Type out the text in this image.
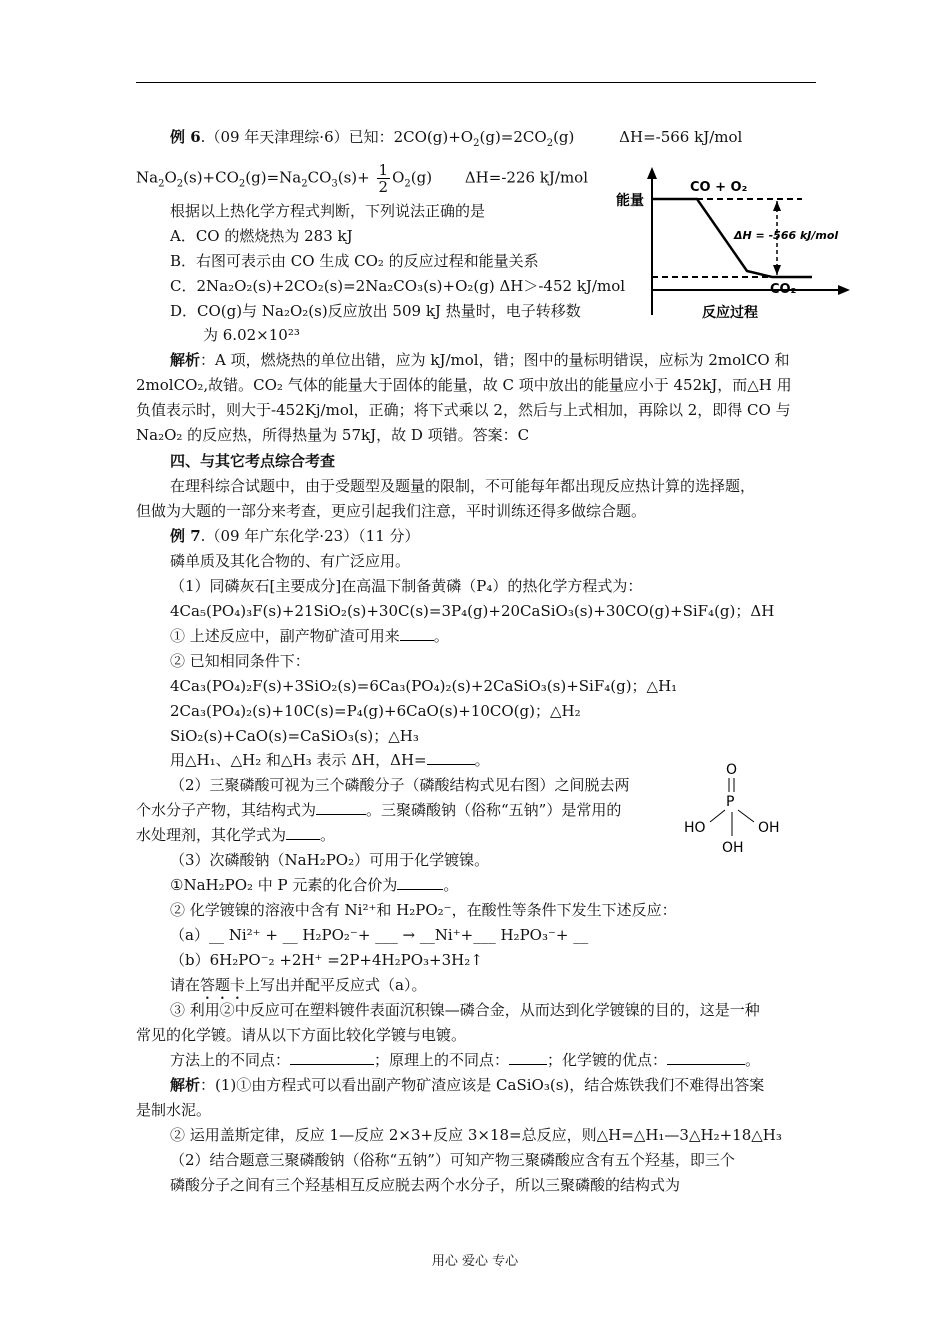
例 6.（09 年天津理综·6）已知：$2CO(g)+O_2(g)=2CO_2(g)$	ΔH=-566 kJ/mol
$Na_2O_2(s)+CO_2(g)=Na_2CO_3(s)+ \frac{1}{2} O_2(g)$ ΔH=-226 kJ/mol
根据以上热化学方程式判断，下列说法正确的是
A．CO 的燃烧热为 283 kJ
B．右图可表示由 CO 生成 CO₂ 的反应过程和能量关系
C．2Na₂O₂(s)+2CO₂(s)=2Na₂CO₃(s)+O₂(g) ΔH＞-452 kJ/mol
D．CO(g)与 Na₂O₂(s)反应放出 509 kJ 热量时，电子转移数
为 6.02×10²³
能量
CO + O₂
ΔH = -566 kJ/mol
CO₂
反应过程
解析：A 项，燃烧热的单位出错，应为 kJ/mol，错；图中的量标明错误，应标为 2molCO 和
2molCO₂,故错。CO₂ 气体的能量大于固体的能量，故 C 项中放出的能量应小于 452kJ，而△H 用
负值表示时，则大于-452Kj/mol，正确；将下式乘以 2，然后与上式相加，再除以 2，即得 CO 与
Na₂O₂ 的反应热，所得热量为 57kJ，故 D 项错。答案：C
四、与其它考点综合考查
在理科综合试题中，由于受题型及题量的限制，不可能每年都出现反应热计算的选择题，
但做为大题的一部分来考查，更应引起我们注意，平时训练还得多做综合题。
例 7.（09 年广东化学·23）（11 分）
磷单质及其化合物的、有广泛应用。
（1）同磷灰石[主要成分]在高温下制备黄磷（P₄）的热化学方程式为：
4Ca₅(PO₄)₃F(s)+21SiO₂(s)+30C(s)=3P₄(g)+20CaSiO₃(s)+30CO(g)+SiF₄(g)；ΔH
① 上述反应中，副产物矿渣可用来 。
② 已知相同条件下：
4Ca₃(PO₄)₂F(s)+3SiO₂(s)=6Ca₃(PO₄)₂(s)+2CaSiO₃(s)+SiF₄(g)；△H₁
2Ca₃(PO₄)₂(s)+10C(s)=P₄(g)+6CaO(s)+10CO(g)；△H₂
SiO₂(s)+CaO(s)=CaSiO₃(s)；△H₃
用△H₁、△H₂ 和△H₃ 表示 ΔH，ΔH=	。
（2）三聚磷酸可视为三个磷酸分子（磷酸结构式见右图）之间脱去两
个水分子产物，其结构式为	。三聚磷酸钠（俗称“五钠”）是常用的
水处理剂，其化学式为 。
O
P
HO	OH
OH
（3）次磷酸钠（NaH₂PO₂）可用于化学镀镍。
①NaH₂PO₂ 中 P 元素的化合价为	。
② 化学镀镍的溶液中含有 Ni²⁺和 H₂PO₂⁻，在酸性等条件下发生下述反应：
（a）__ Ni²⁺ + __ H₂PO₂⁻+ ___ → __Ni⁺+___ H₂PO₃⁻+ __
（b）6H₂PO⁻₂ +2H⁺ =2P+4H₂PO₃+3H₂↑
请在答题卡上写出并配平反应式（a）。
③ 利用②中反应可在塑料镀件表面沉积镍—磷合金，从而达到化学镀镍的目的，这是一种
常见的化学镀。请从以下方面比较化学镀与电镀。
方法上的不同点：	；原理上的不同点：	；化学镀的优点：	。
解析：(1)①由方程式可以看出副产物矿渣应该是 CaSiO₃(s)，结合炼铁我们不难得出答案
是制水泥。
② 运用盖斯定律，反应 1—反应 2×3+反应 3×18=总反应，则△H=△H₁—3△H₂+18△H₃
（2）结合题意三聚磷酸钠（俗称“五钠”）可知产物三聚磷酸应含有五个羟基，即三个
磷酸分子之间有三个羟基相互反应脱去两个水分子，所以三聚磷酸的结构式为
用心 爱心 专心
